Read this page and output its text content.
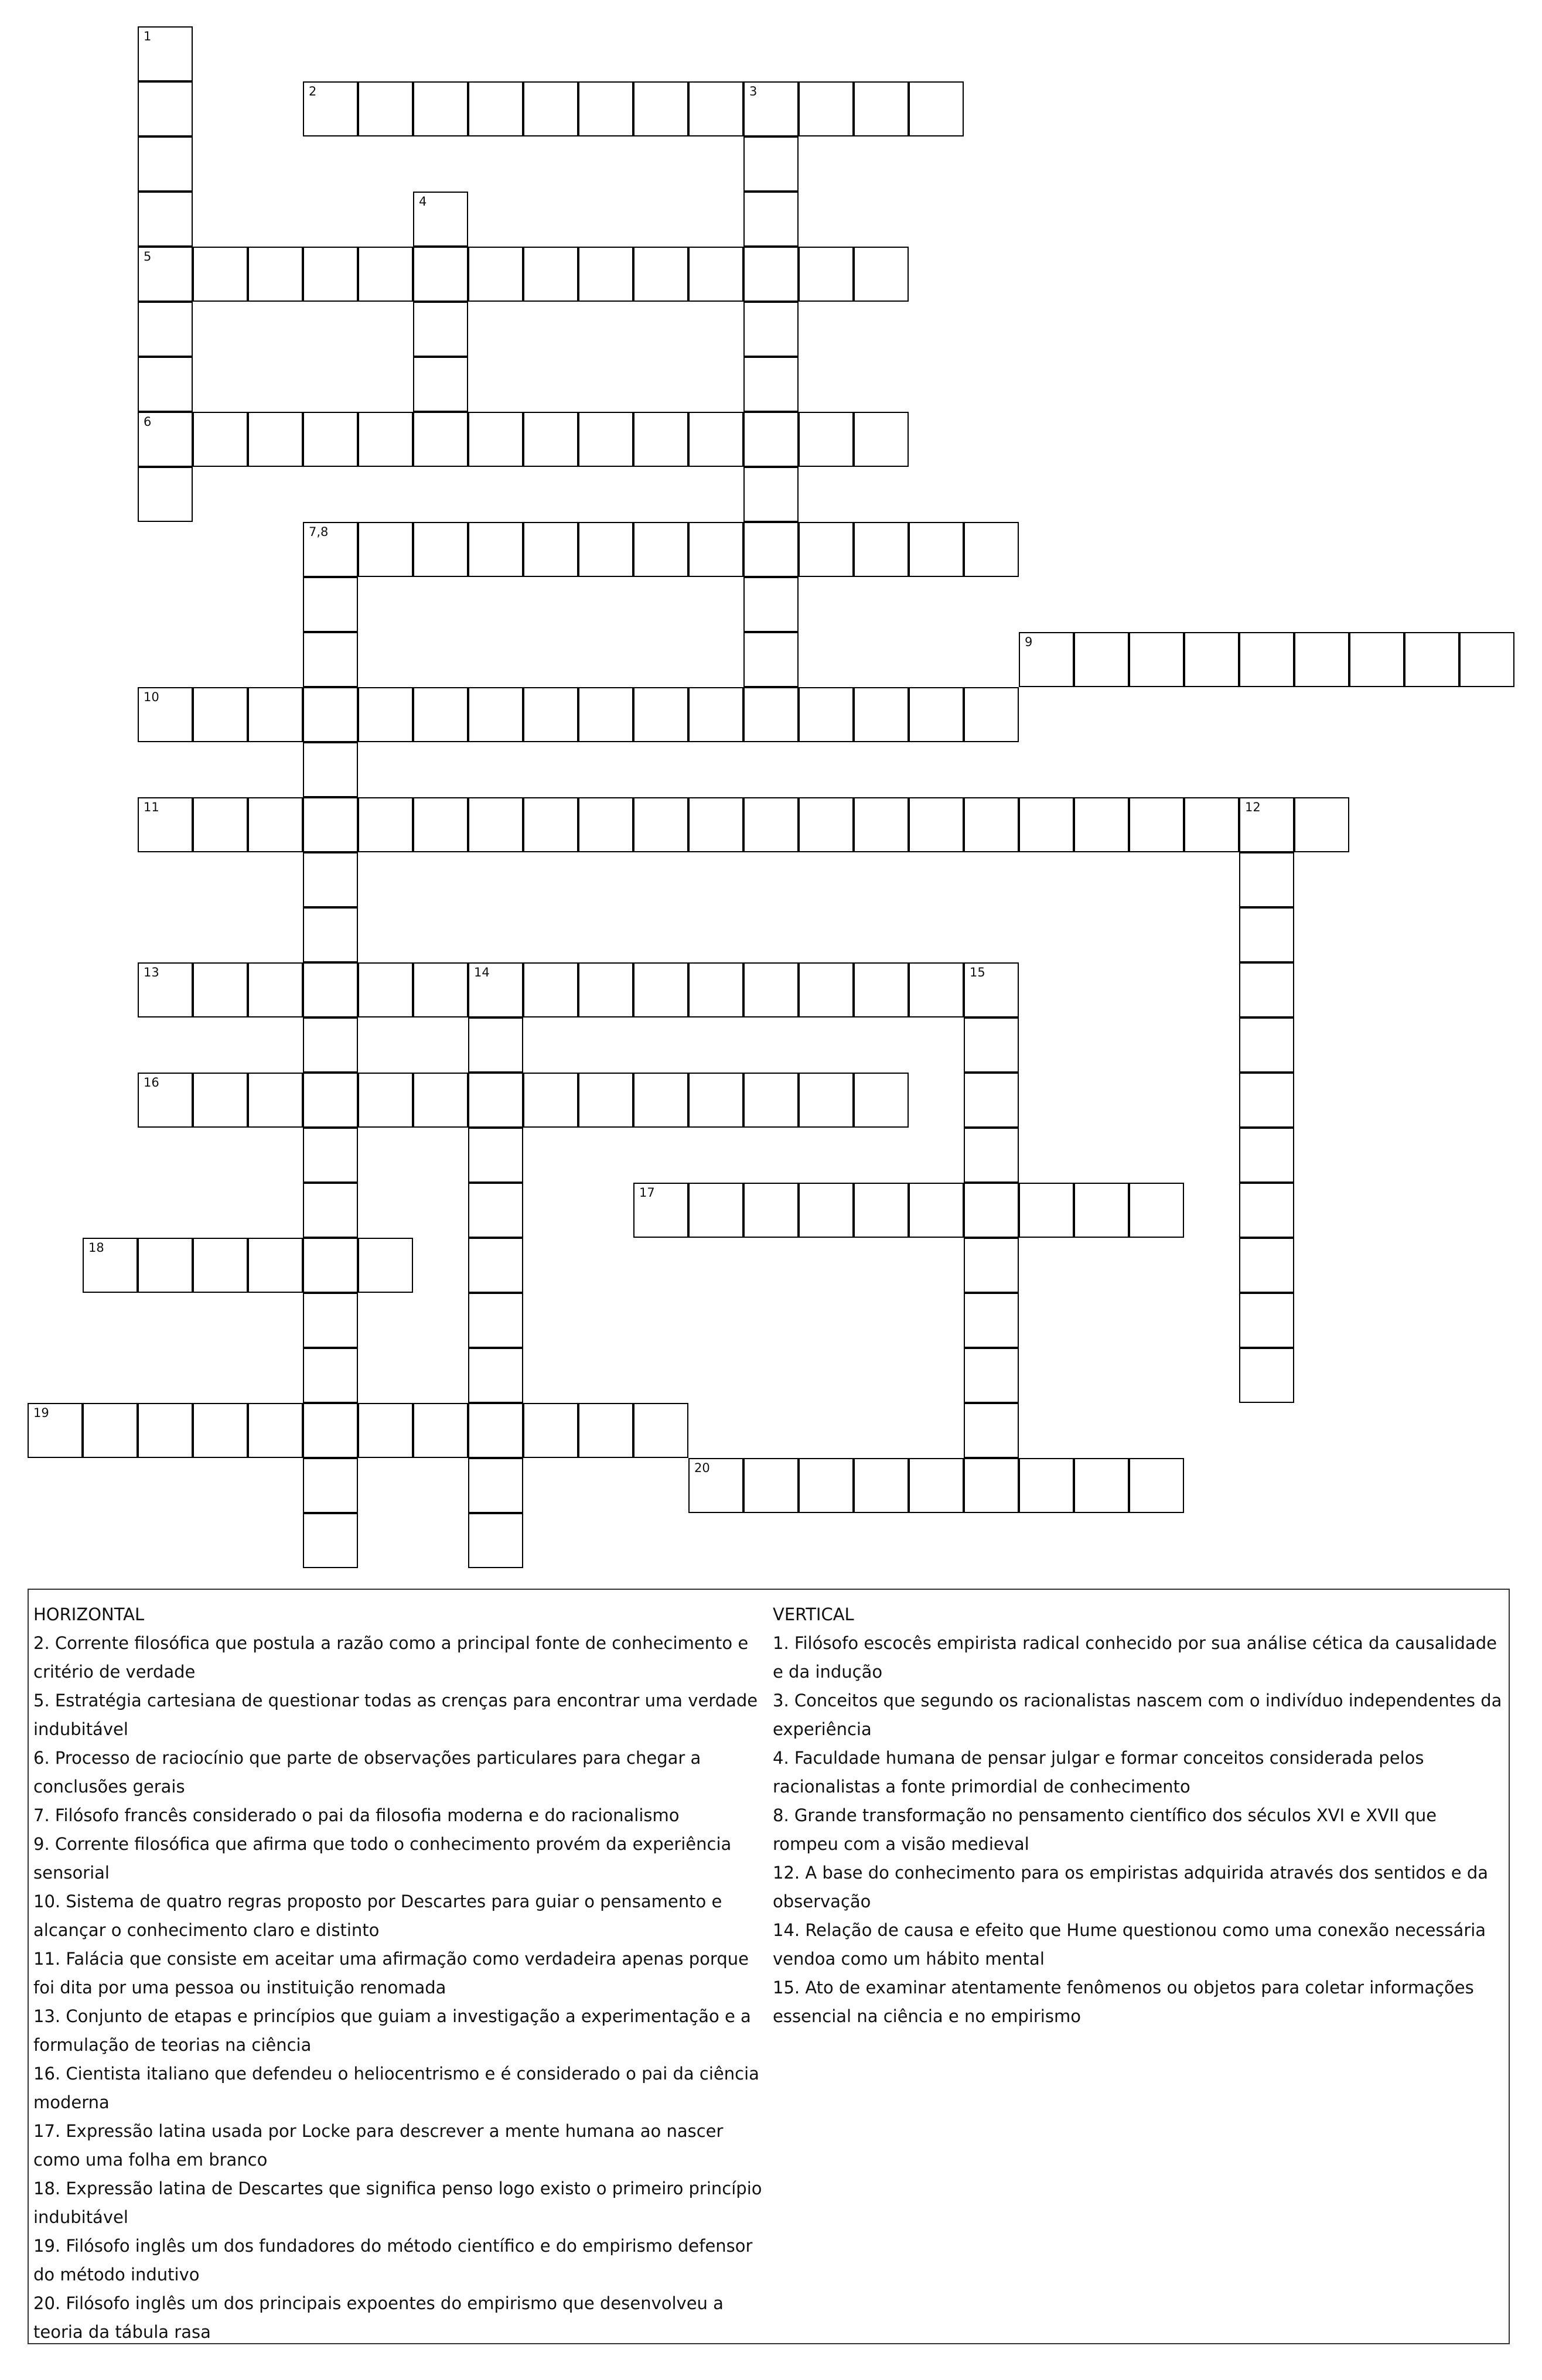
1
5
6
2	3
4
7,8
9
10
11	12
13	14	15
16
17
18
19
20
HORIZONTAL
2. Corrente filosófica que postula a razão como a principal fonte de conhecimento e critério de verdade
5. Estratégia cartesiana de questionar todas as crenças para encontrar uma verdade indubitável
6. Processo de raciocínio que parte de observações particulares para chegar a conclusões gerais
7. Filósofo francês considerado o pai da filosofia moderna e do racionalismo
9. Corrente filosófica que afirma que todo o conhecimento provém da experiência sensorial
10. Sistema de quatro regras proposto por Descartes para guiar o pensamento e alcançar o conhecimento claro e distinto
11. Falácia que consiste em aceitar uma afirmação como verdadeira apenas porque foi dita por uma pessoa ou instituição renomada
13. Conjunto de etapas e princípios que guiam a investigação a experimentação e a formulação de teorias na ciência
16. Cientista italiano que defendeu o heliocentrismo e é considerado o pai da ciência moderna
17. Expressão latina usada por Locke para descrever a mente humana ao nascer como uma folha em branco
18. Expressão latina de Descartes que significa penso logo existo o primeiro princípio indubitável
19. Filósofo inglês um dos fundadores do método científico e do empirismo defensor do método indutivo
20. Filósofo inglês um dos principais expoentes do empirismo que desenvolveu a teoria da tábula rasa
VERTICAL
1. Filósofo escocês empirista radical conhecido por sua análise cética da causalidade e da indução
3. Conceitos que segundo os racionalistas nascem com o indivíduo independentes da experiência
4. Faculdade humana de pensar julgar e formar conceitos considerada pelos racionalistas a fonte primordial de conhecimento
8. Grande transformação no pensamento científico dos séculos XVI e XVII que rompeu com a visão medieval
12. A base do conhecimento para os empiristas adquirida através dos sentidos e da observação
14. Relação de causa e efeito que Hume questionou como uma conexão necessária vendoa como um hábito mental
15. Ato de examinar atentamente fenômenos ou objetos para coletar informações essencial na ciência e no empirismo
